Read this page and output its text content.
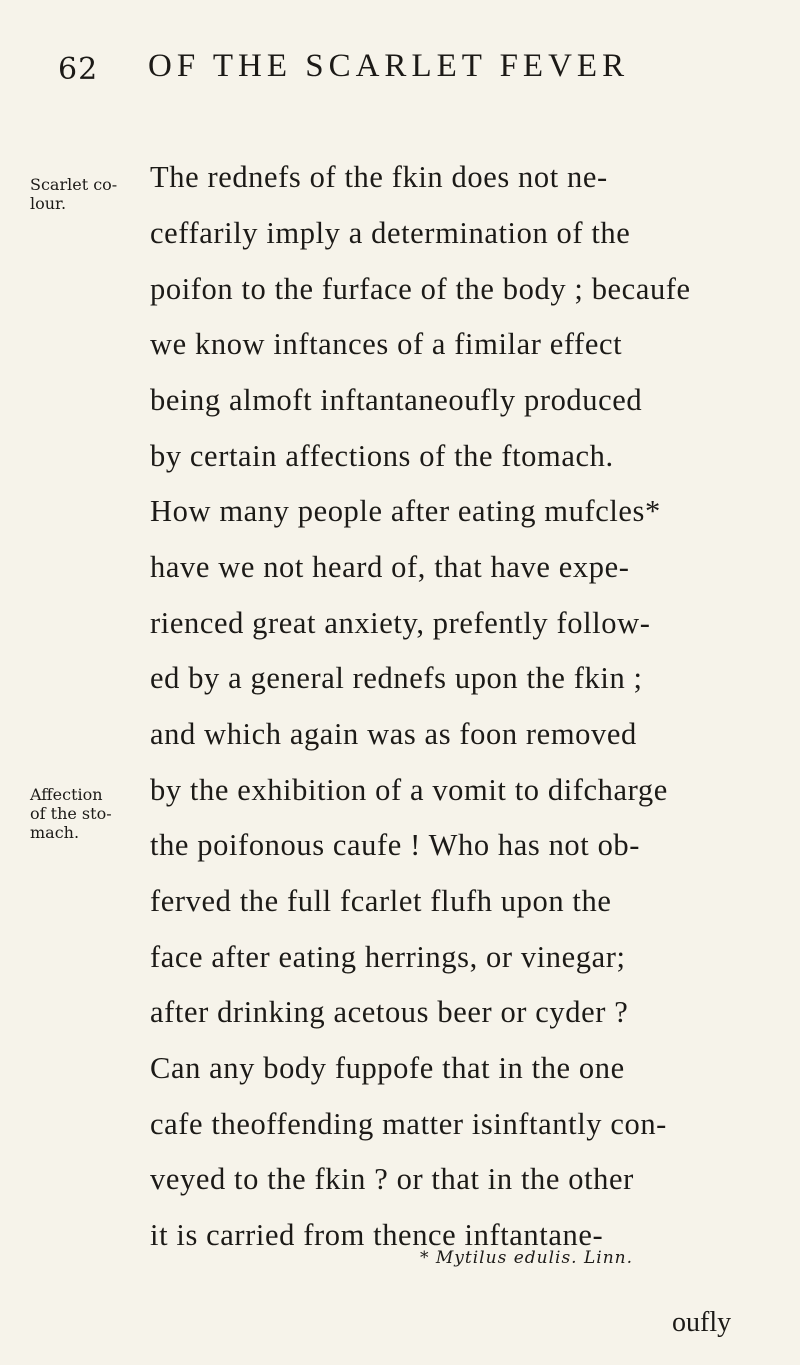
62 OF THE SCARLET FEVER
Scarlet co-
lour.
Affection
of the sto-
mach.
The rednefs of the fkin does not ne-
ceffarily imply a determination of the
poifon to the furface of the body ; becaufe
we know inftances of a fimilar effect
being almoft inftantaneoufly produced
by certain affections of the ftomach.
How many people after eating mufcles*
have we not heard of, that have expe-
rienced great anxiety, prefently follow-
ed by a general rednefs upon the fkin ;
and which again was as foon removed
by the exhibition of a vomit to difcharge
the poifonous caufe ! Who has not ob-
ferved the full fcarlet flufh upon the
face after eating herrings, or vinegar;
after drinking acetous beer or cyder ?
Can any body fuppofe that in the one
cafe theoffending matter isinftantly con-
veyed to the fkin ? or that in the other
it is carried from thence inftantane-
* Mytilus edulis. Linn.
oufly
